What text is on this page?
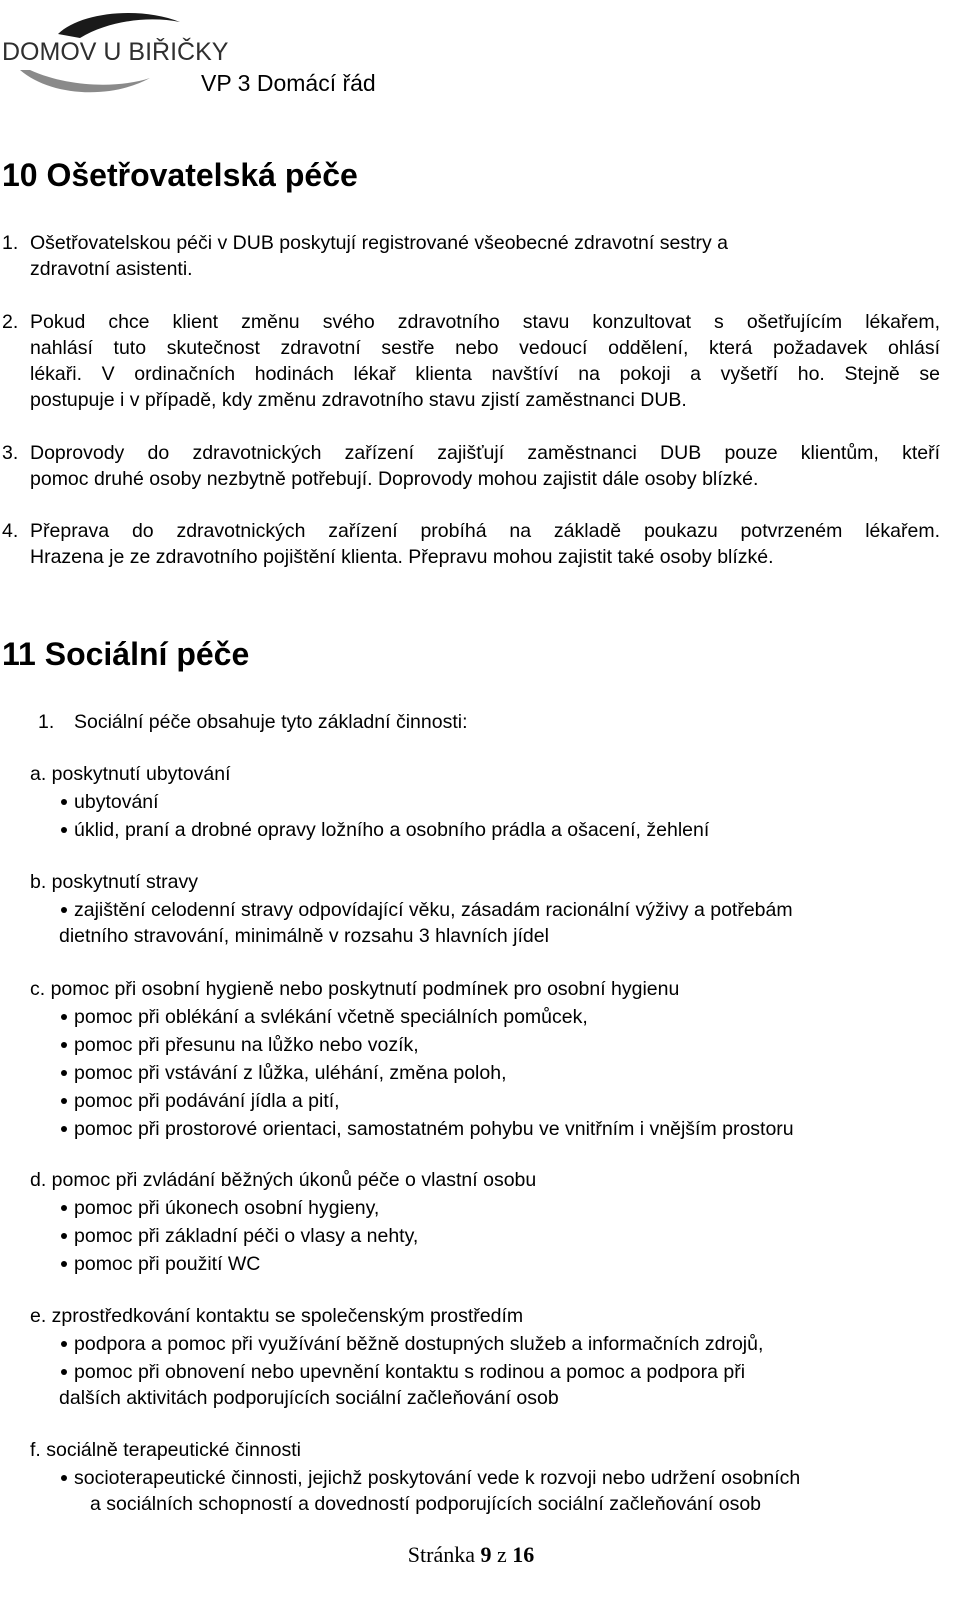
DOMOV U BIŘIČKY
VP 3 Domácí řád
10 Ošetřovatelská péče
1. Ošetřovatelskou péči v DUB poskytují registrované všeobecné zdravotní sestry a
zdravotní asistenti.
2. Pokud chce klient změnu svého zdravotního stavu konzultovat s ošetřujícím lékařem,
nahlásí tuto skutečnost zdravotní sestře nebo vedoucí oddělení, která požadavek ohlásí
lékaři. V ordinačních hodinách lékař klienta navštíví na pokoji a vyšetří ho. Stejně se
postupuje i v případě, kdy změnu zdravotního stavu zjistí zaměstnanci DUB.
3. Doprovody do zdravotnických zařízení zajišťují zaměstnanci DUB pouze klientům, kteří
pomoc druhé osoby nezbytně potřebují. Doprovody mohou zajistit dále osoby blízké.
4. Přeprava do zdravotnických zařízení probíhá na základě poukazu potvrzeném lékařem.
Hrazena je ze zdravotního pojištění klienta. Přepravu mohou zajistit také osoby blízké.
11 Sociální péče
1. Sociální péče obsahuje tyto základní činnosti:
a. poskytnutí ubytování
ubytování
úklid, praní a drobné opravy ložního a osobního prádla a ošacení, žehlení
b. poskytnutí stravy
zajištění celodenní stravy odpovídající věku, zásadám racionální výživy a potřebám
dietního stravování, minimálně v rozsahu 3 hlavních jídel
c. pomoc při osobní hygieně nebo poskytnutí podmínek pro osobní hygienu
pomoc při oblékání a svlékání včetně speciálních pomůcek,
pomoc při přesunu na lůžko nebo vozík,
pomoc při vstávání z lůžka, uléhání, změna poloh,
pomoc při podávání jídla a pití,
pomoc při prostorové orientaci, samostatném pohybu ve vnitřním i vnějším prostoru
d. pomoc při zvládání běžných úkonů péče o vlastní osobu
pomoc při úkonech osobní hygieny,
pomoc při základní péči o vlasy a nehty,
pomoc při použití WC
e. zprostředkování kontaktu se společenským prostředím
podpora a pomoc při využívání běžně dostupných služeb a informačních zdrojů,
pomoc při obnovení nebo upevnění kontaktu s rodinou a pomoc a podpora při
dalších aktivitách podporujících sociální začleňování osob
f. sociálně terapeutické činnosti
socioterapeutické činnosti, jejichž poskytování vede k rozvoji nebo udržení osobních
a sociálních schopností a dovedností podporujících sociální začleňování osob
Stránka 9 z 16
